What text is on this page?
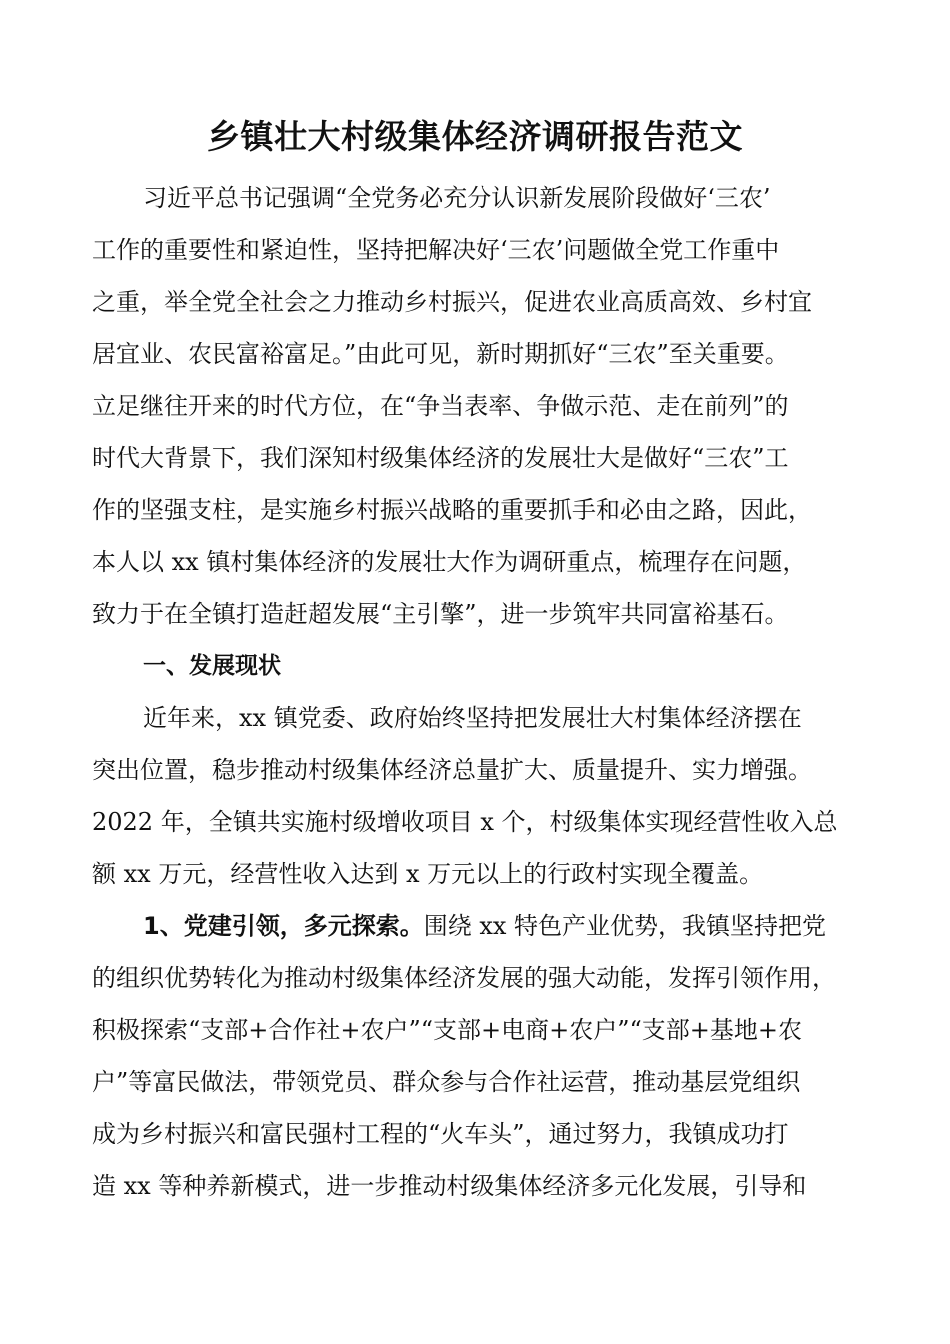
乡镇壮大村级集体经济调研报告范文
习近平总书记强调“全党务必充分认识新发展阶段做好‘三农’
工作的重要性和紧迫性，坚持把解决好‘三农’问题做全党工作重中
之重，举全党全社会之力推动乡村振兴，促进农业高质高效、乡村宜
居宜业、农民富裕富足。”由此可见，新时期抓好“三农”至关重要。
立足继往开来的时代方位，在“争当表率、争做示范、走在前列”的
时代大背景下，我们深知村级集体经济的发展壮大是做好“三农”工
作的坚强支柱，是实施乡村振兴战略的重要抓手和必由之路，因此，
本人以 xx 镇村集体经济的发展壮大作为调研重点，梳理存在问题，
致力于在全镇打造赶超发展“主引擎”，进一步筑牢共同富裕基石。
一、发展现状
近年来，xx 镇党委、政府始终坚持把发展壮大村集体经济摆在
突出位置，稳步推动村级集体经济总量扩大、质量提升、实力增强。
2022 年，全镇共实施村级增收项目 x 个，村级集体实现经营性收入总
额 xx 万元，经营性收入达到 x 万元以上的行政村实现全覆盖。
1、党建引领，多元探索。围绕 xx 特色产业优势，我镇坚持把党
的组织优势转化为推动村级集体经济发展的强大动能，发挥引领作用，
积极探索“支部+合作社+农户”“支部+电商+农户”“支部+基地+农
户”等富民做法，带领党员、群众参与合作社运营，推动基层党组织
成为乡村振兴和富民强村工程的“火车头”，通过努力，我镇成功打
造 xx 等种养新模式，进一步推动村级集体经济多元化发展，引导和
